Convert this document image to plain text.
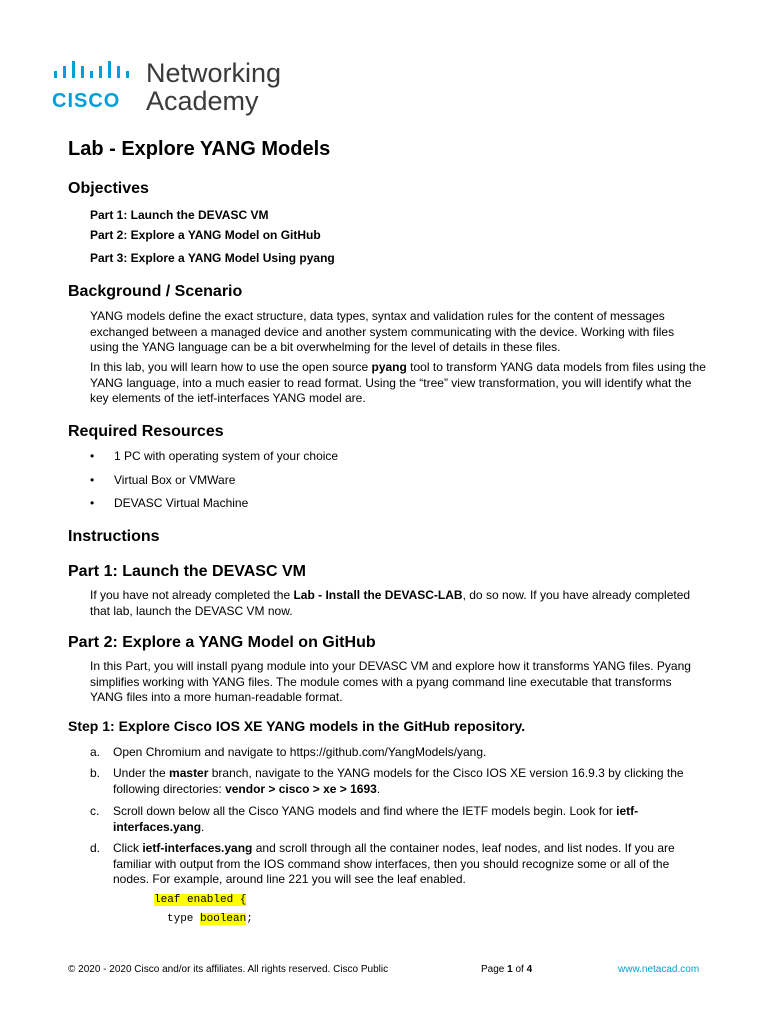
CISCO
Networking
Academy
Lab - Explore YANG Models
Objectives
Part 1: Launch the DEVASC VM
Part 2: Explore a YANG Model on GitHub
Part 3: Explore a YANG Model Using pyang
Background / Scenario

YANG models define the exact structure, data types, syntax and validation rules for the content of messages exchanged between a managed device and another system communicating with the device. Working with files using the YANG language can be a bit overwhelming for the level of details in these files.

In this lab, you will learn how to use the open source pyang tool to transform YANG data models from files using the YANG language, into a much easier to read format. Using the “tree” view transformation, you will identify what the key elements of the ietf-interfaces YANG model are.

Required Resources
• 1 PC with operating system of your choice
• Virtual Box or VMWare
• DEVASC Virtual Machine
Instructions
Part 1: Launch the DEVASC VM

If you have not already completed the Lab - Install the DEVASC-LAB, do so now. If you have already completed that lab, launch the DEVASC VM now.

Part 2: Explore a YANG Model on GitHub

In this Part, you will install pyang module into your DEVASC VM and explore how it transforms YANG files. Pyang simplifies working with YANG files. The module comes with a pyang command line executable that transforms YANG files into a more human-readable format.

Step 1: Explore Cisco IOS XE YANG models in the GitHub repository.
a. Open Chromium and navigate to https://github.com/YangModels/yang.
b. Under the master branch, navigate to the YANG models for the Cisco IOS XE version 16.9.3 by clicking the following directories: vendor > cisco > xe > 1693.
c. Scroll down below all the Cisco YANG models and find where the IETF models begin. Look for ietf-interfaces.yang.
d. Click ietf-interfaces.yang and scroll through all the container nodes, leaf nodes, and list nodes. If you are familiar with output from the IOS command show interfaces, then you should recognize some or all of the nodes. For example, around line 221 you will see the leaf enabled.
leaf enabled {
type boolean;
© 2020 - 2020 Cisco and/or its affiliates. All rights reserved. Cisco Public	Page 1 of 4	www.netacad.com
